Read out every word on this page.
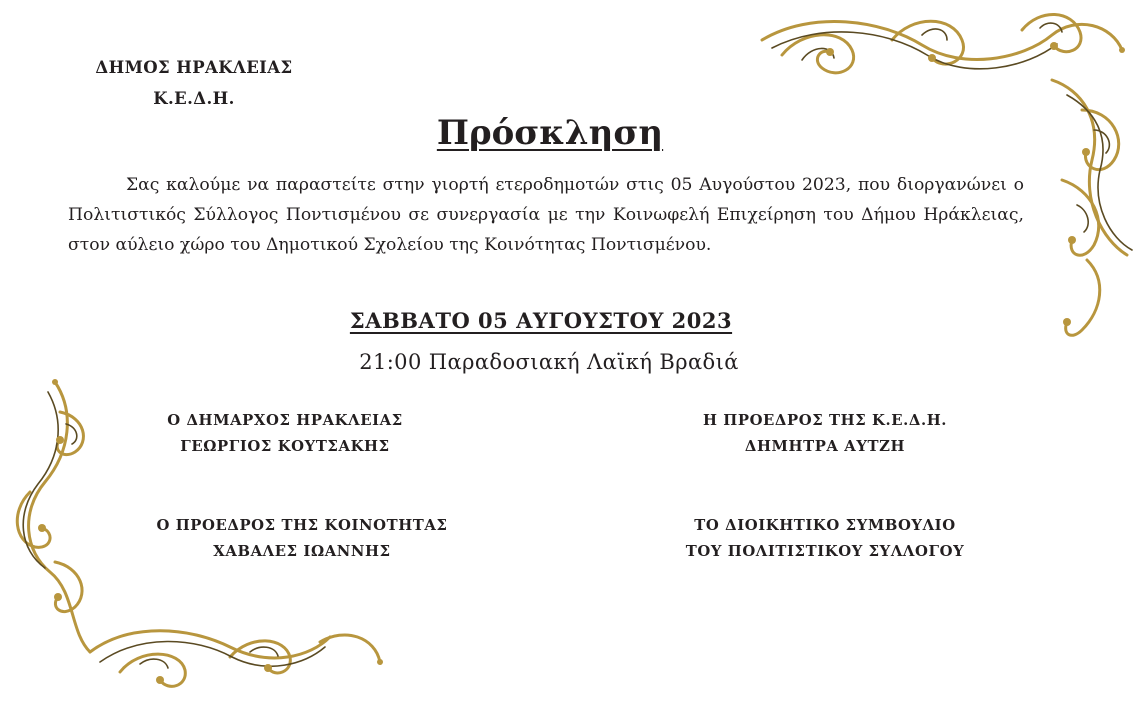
ΔΗΜΟΣ ΗΡΑΚΛΕΙΑΣ
Κ.Ε.Δ.Η.
Πρόσκληση
Σας καλούμε να παραστείτε στην γιορτή ετεροδημοτών στις 05 Αυγούστου 2023, που διοργανώνει ο Πολιτιστικός Σύλλογος Ποντισμένου σε συνεργασία με την Κοινωφελή Επιχείρηση του Δήμου Ηράκλειας, στον αύλειο χώρο του Δημοτικού Σχολείου της Κοινότητας Ποντισμένου.
ΣΑΒΒΑΤΟ 05 ΑΥΓΟΥΣΤΟΥ 2023
21:00 Παραδοσιακή Λαϊκή Βραδιά
Ο ΔΗΜΑΡΧΟΣ ΗΡΑΚΛΕΙΑΣ
ΓΕΩΡΓΙΟΣ ΚΟΥΤΣΑΚΗΣ
Η ΠΡΟΕΔΡΟΣ ΤΗΣ Κ.Ε.Δ.Η.
ΔΗΜΗΤΡΑ ΑΥΤΖΗ
Ο ΠΡΟΕΔΡΟΣ ΤΗΣ ΚΟΙΝΟΤΗΤΑΣ
ΧΑΒΑΛΕΣ ΙΩΑΝΝΗΣ
ΤΟ ΔΙΟΙΚΗΤΙΚΟ ΣΥΜΒΟΥΛΙΟ
ΤΟΥ ΠΟΛΙΤΙΣΤΙΚΟΥ ΣΥΛΛΟΓΟΥ
